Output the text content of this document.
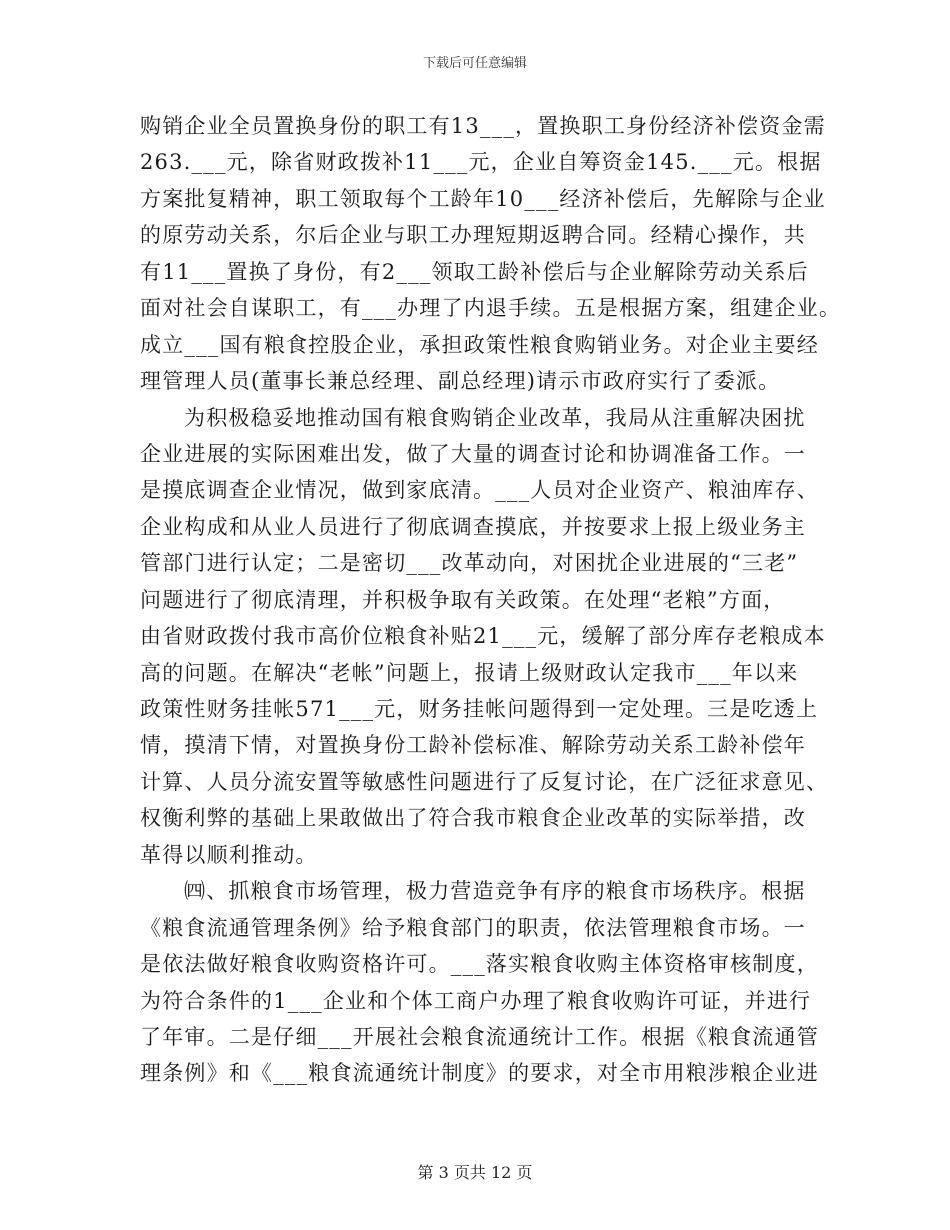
下载后可任意编辑
购销企业全员置换身份的职工有13___，置换职工身份经济补偿资金需
263.___元，除省财政拨补11___元，企业自筹资金145.___元。根据
方案批复精神，职工领取每个工龄年10___经济补偿后，先解除与企业
的原劳动关系，尔后企业与职工办理短期返聘合同。经精心操作，共
有11___置换了身份，有2___领取工龄补偿后与企业解除劳动关系后
面对社会自谋职工，有___办理了内退手续。五是根据方案，组建企业。
成立___国有粮食控股企业，承担政策性粮食购销业务。对企业主要经
理管理人员(董事长兼总经理、副总经理)请示市政府实行了委派。
为积极稳妥地推动国有粮食购销企业改革，我局从注重解决困扰
企业进展的实际困难出发，做了大量的调查讨论和协调准备工作。一
是摸底调查企业情况，做到家底清。___人员对企业资产、粮油库存、
企业构成和从业人员进行了彻底调查摸底，并按要求上报上级业务主
管部门进行认定；二是密切___改革动向，对困扰企业进展的“三老”
问题进行了彻底清理，并积极争取有关政策。在处理“老粮”方面，
由省财政拨付我市高价位粮食补贴21___元，缓解了部分库存老粮成本
高的问题。在解决“老帐”问题上，报请上级财政认定我市___年以来
政策性财务挂帐571___元，财务挂帐问题得到一定处理。三是吃透上
情，摸清下情，对置换身份工龄补偿标准、解除劳动关系工龄补偿年
计算、人员分流安置等敏感性问题进行了反复讨论，在广泛征求意见、
权衡利弊的基础上果敢做出了符合我市粮食企业改革的实际举措，改
革得以顺利推动。
㈣、抓粮食市场管理，极力营造竞争有序的粮食市场秩序。根据
《粮食流通管理条例》给予粮食部门的职责，依法管理粮食市场。一
是依法做好粮食收购资格许可。___落实粮食收购主体资格审核制度，
为符合条件的1___企业和个体工商户办理了粮食收购许可证，并进行
了年审。二是仔细___开展社会粮食流通统计工作。根据《粮食流通管
理条例》和《___粮食流通统计制度》的要求，对全市用粮涉粮企业进
第 3 页共 12 页
